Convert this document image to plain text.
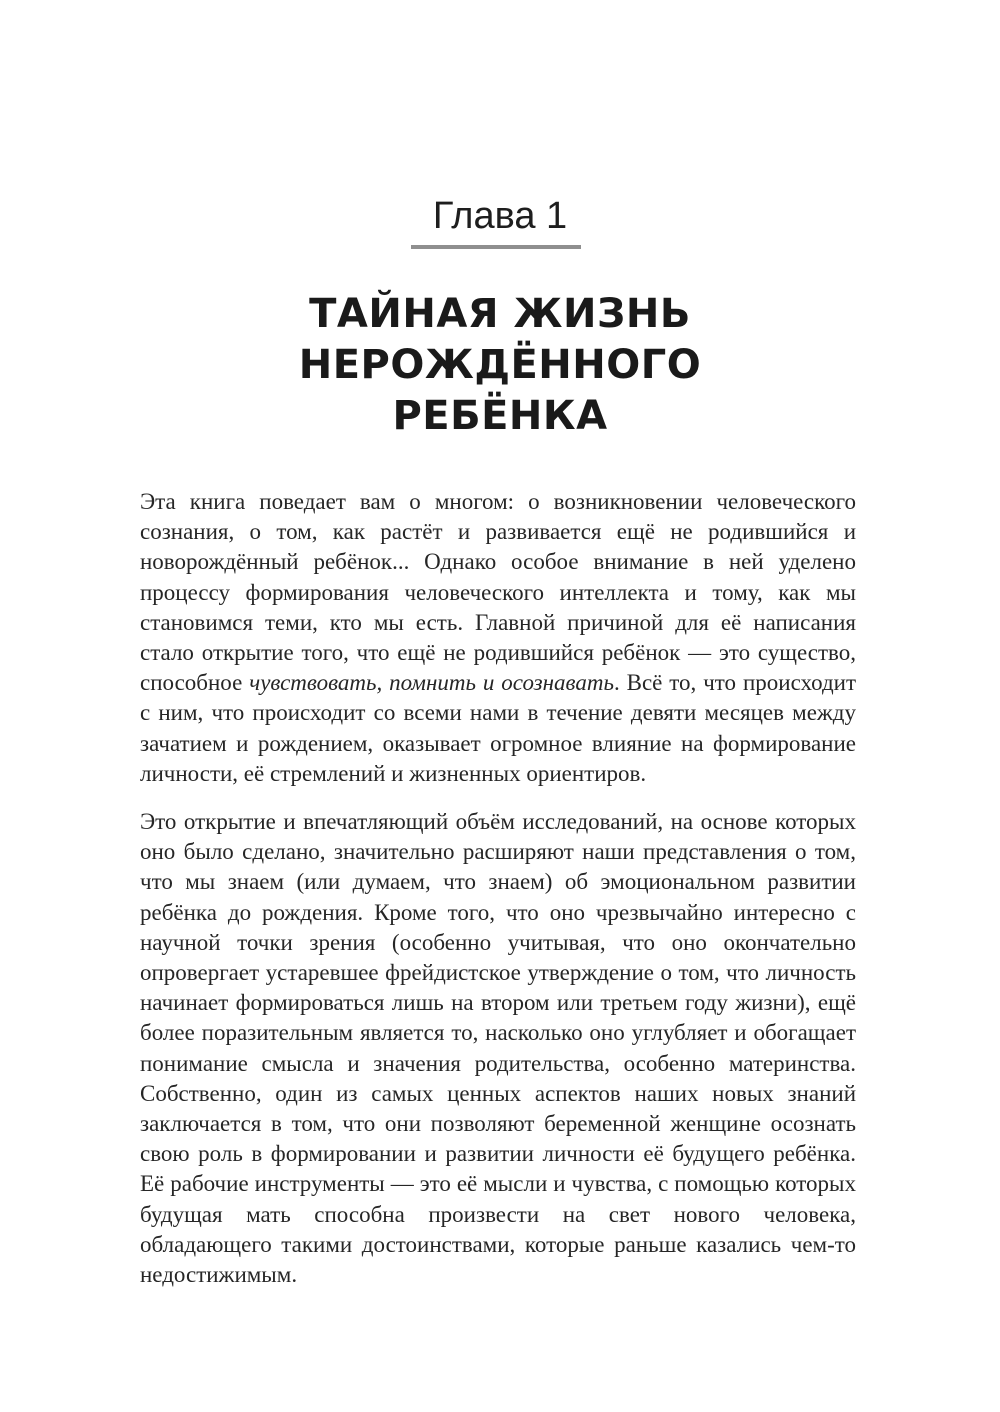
Глава 1
ТАЙНАЯ ЖИЗНЬ
НЕРОЖДЁННОГО
РЕБЁНКА

Эта книга поведает вам о многом: о возникновении человеческого сознания, о том, как растёт и развивается ещё не родившийся и новорождённый ребёнок... Однако особое внимание в ней уделено процессу формирования человеческого интеллекта и тому, как мы становимся теми, кто мы есть. Главной причиной для её написания стало открытие того, что ещё не родившийся ребёнок — это существо, способное чувствовать, помнить и осознавать. Всё то, что происходит с ним, что происходит со всеми нами в течение девяти месяцев между зачатием и рождением, оказывает огромное влияние на формирование личности, её стремлений и жизненных ориентиров.

Это открытие и впечатляющий объём исследований, на основе которых оно было сделано, значительно расширяют наши представления о том, что мы знаем (или думаем, что знаем) об эмоциональном развитии ребёнка до рождения. Кроме того, что оно чрезвычайно интересно с научной точки зрения (особенно учитывая, что оно окончательно опровергает устаревшее фрейдистское утверждение о том, что личность начинает формироваться лишь на втором или третьем году жизни), ещё более поразительным является то, насколько оно углубляет и обогащает понимание смысла и значения родительства, особенно материнства. Собственно, один из самых ценных аспектов наших новых знаний заключается в том, что они позволяют беременной женщине осознать свою роль в формировании и развитии личности её будущего ребёнка. Её рабочие инструменты — это её мысли и чувства, с помощью которых будущая мать способна произвести на свет нового человека, обладающего такими достоинствами, которые раньше казались чем-то недостижимым.
